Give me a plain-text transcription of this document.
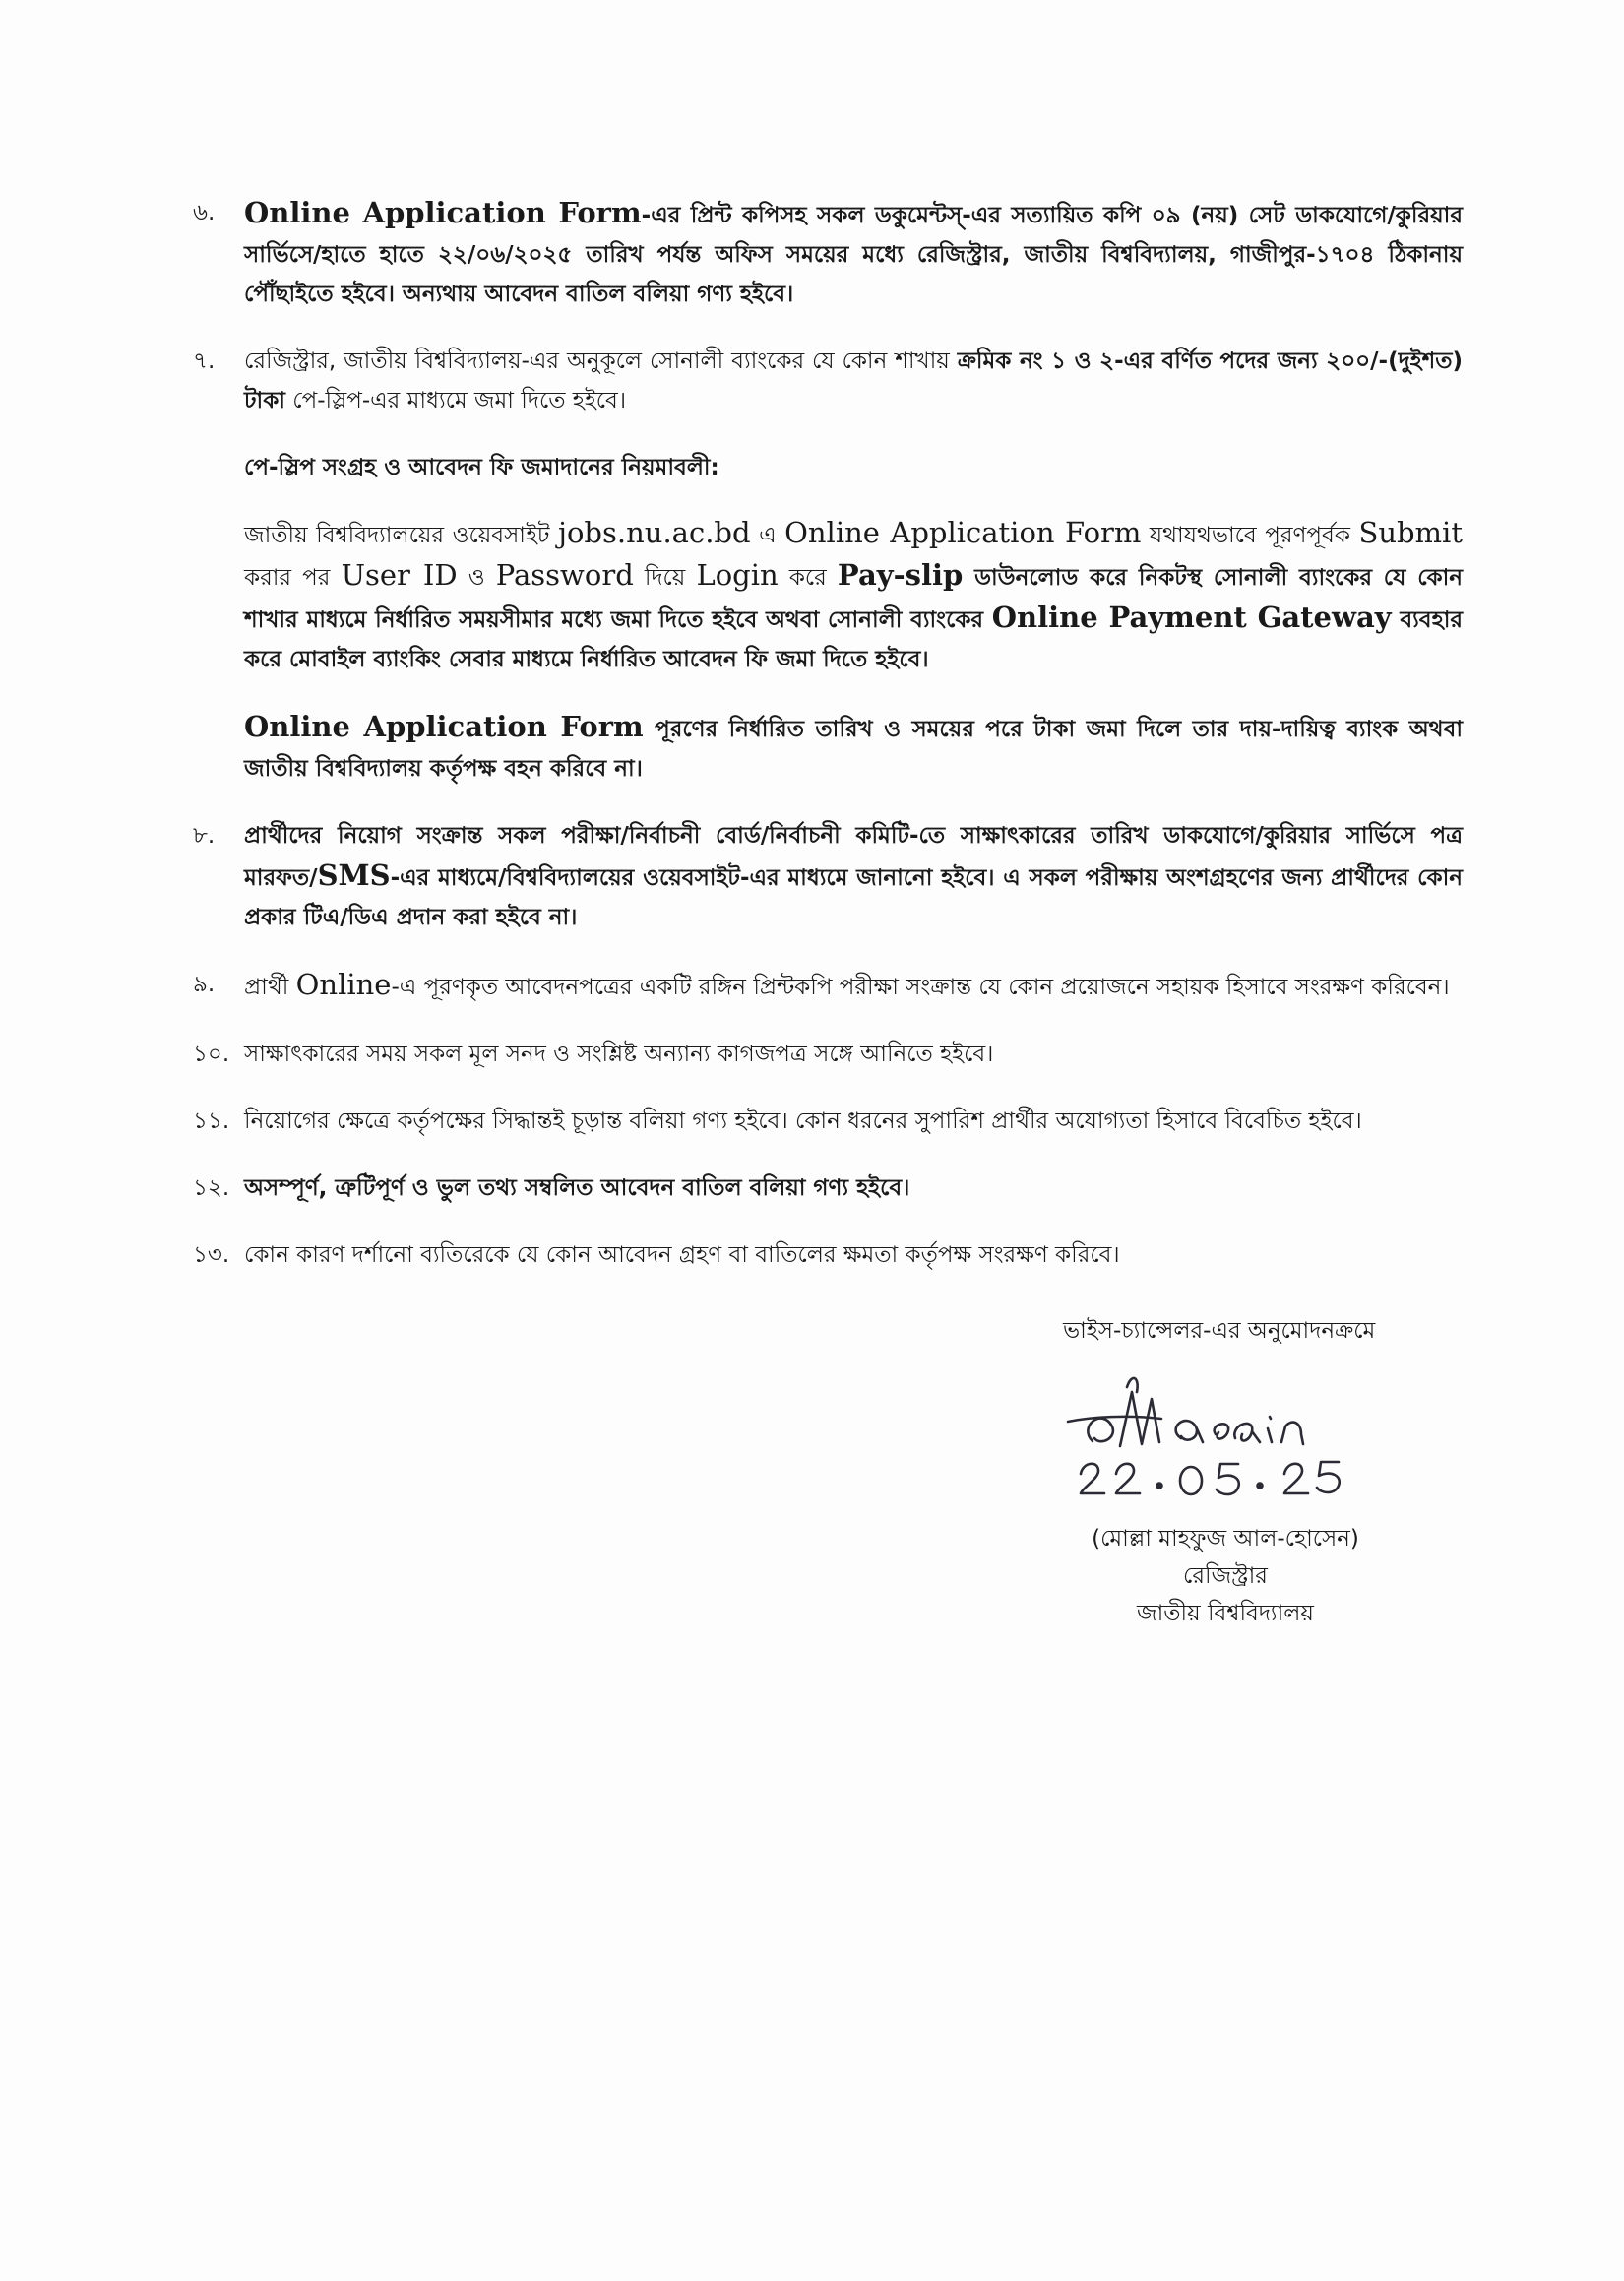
৬.	Online Application Form-এর প্রিন্ট কপিসহ সকল ডকুমেন্টস্-এর সত্যায়িত কপি ০৯ (নয়) সেট ডাকযোগে/কুরিয়ার সার্ভিসে/হাতে হাতে ২২/০৬/২০২৫ তারিখ পর্যন্ত অফিস সময়ের মধ্যে রেজিস্ট্রার, জাতীয় বিশ্ববিদ্যালয়, গাজীপুর-১৭০৪ ঠিকানায় পৌঁছাইতে হইবে। অন্যথায় আবেদন বাতিল বলিয়া গণ্য হইবে।
৭.	রেজিস্ট্রার, জাতীয় বিশ্ববিদ্যালয়-এর অনুকূলে সোনালী ব্যাংকের যে কোন শাখায় ক্রমিক নং ১ ও ২-এর বর্ণিত পদের জন্য ২০০/-(দুইশত) টাকা পে-স্লিপ-এর মাধ্যমে জমা দিতে হইবে।
পে-স্লিপ সংগ্রহ ও আবেদন ফি জমাদানের নিয়মাবলী:
জাতীয় বিশ্ববিদ্যালয়ের ওয়েবসাইট jobs.nu.ac.bd এ Online Application Form যথাযথভাবে পূরণপূর্বক Submit করার পর User ID ও Password দিয়ে Login করে Pay-slip ডাউনলোড করে নিকটস্থ সোনালী ব্যাংকের যে কোন শাখার মাধ্যমে নির্ধারিত সময়সীমার মধ্যে জমা দিতে হইবে অথবা সোনালী ব্যাংকের Online Payment Gateway ব্যবহার করে মোবাইল ব্যাংকিং সেবার মাধ্যমে নির্ধারিত আবেদন ফি জমা দিতে হইবে।
Online Application Form পূরণের নির্ধারিত তারিখ ও সময়ের পরে টাকা জমা দিলে তার দায়-দায়িত্ব ব্যাংক অথবা জাতীয় বিশ্ববিদ্যালয় কর্তৃপক্ষ বহন করিবে না।
৮.	প্রার্থীদের নিয়োগ সংক্রান্ত সকল পরীক্ষা/নির্বাচনী বোর্ড/নির্বাচনী কমিটি-তে সাক্ষাৎকারের তারিখ ডাকযোগে/কুরিয়ার সার্ভিসে পত্র মারফত/SMS-এর মাধ্যমে/বিশ্ববিদ্যালয়ের ওয়েবসাইট-এর মাধ্যমে জানানো হইবে। এ সকল পরীক্ষায় অংশগ্রহণের জন্য প্রার্থীদের কোন প্রকার টিএ/ডিএ প্রদান করা হইবে না।
৯.	প্রার্থী Online-এ পূরণকৃত আবেদনপত্রের একটি রঙ্গিন প্রিন্টকপি পরীক্ষা সংক্রান্ত যে কোন প্রয়োজনে সহায়ক হিসাবে সংরক্ষণ করিবেন।
১০. সাক্ষাৎকারের সময় সকল মূল সনদ ও সংশ্লিষ্ট অন্যান্য কাগজপত্র সঙ্গে আনিতে হইবে।
১১. নিয়োগের ক্ষেত্রে কর্তৃপক্ষের সিদ্ধান্তই চূড়ান্ত বলিয়া গণ্য হইবে। কোন ধরনের সুপারিশ প্রার্থীর অযোগ্যতা হিসাবে বিবেচিত হইবে।
১২. অসম্পূর্ণ, ত্রুটিপূর্ণ ও ভুল তথ্য সম্বলিত আবেদন বাতিল বলিয়া গণ্য হইবে।
১৩. কোন কারণ দর্শানো ব্যতিরেকে যে কোন আবেদন গ্রহণ বা বাতিলের ক্ষমতা কর্তৃপক্ষ সংরক্ষণ করিবে।
ভাইস-চ্যান্সেলর-এর অনুমোদনক্রমে
(মোল্লা মাহফুজ আল-হোসেন)
রেজিস্ট্রার
জাতীয় বিশ্ববিদ্যালয়
